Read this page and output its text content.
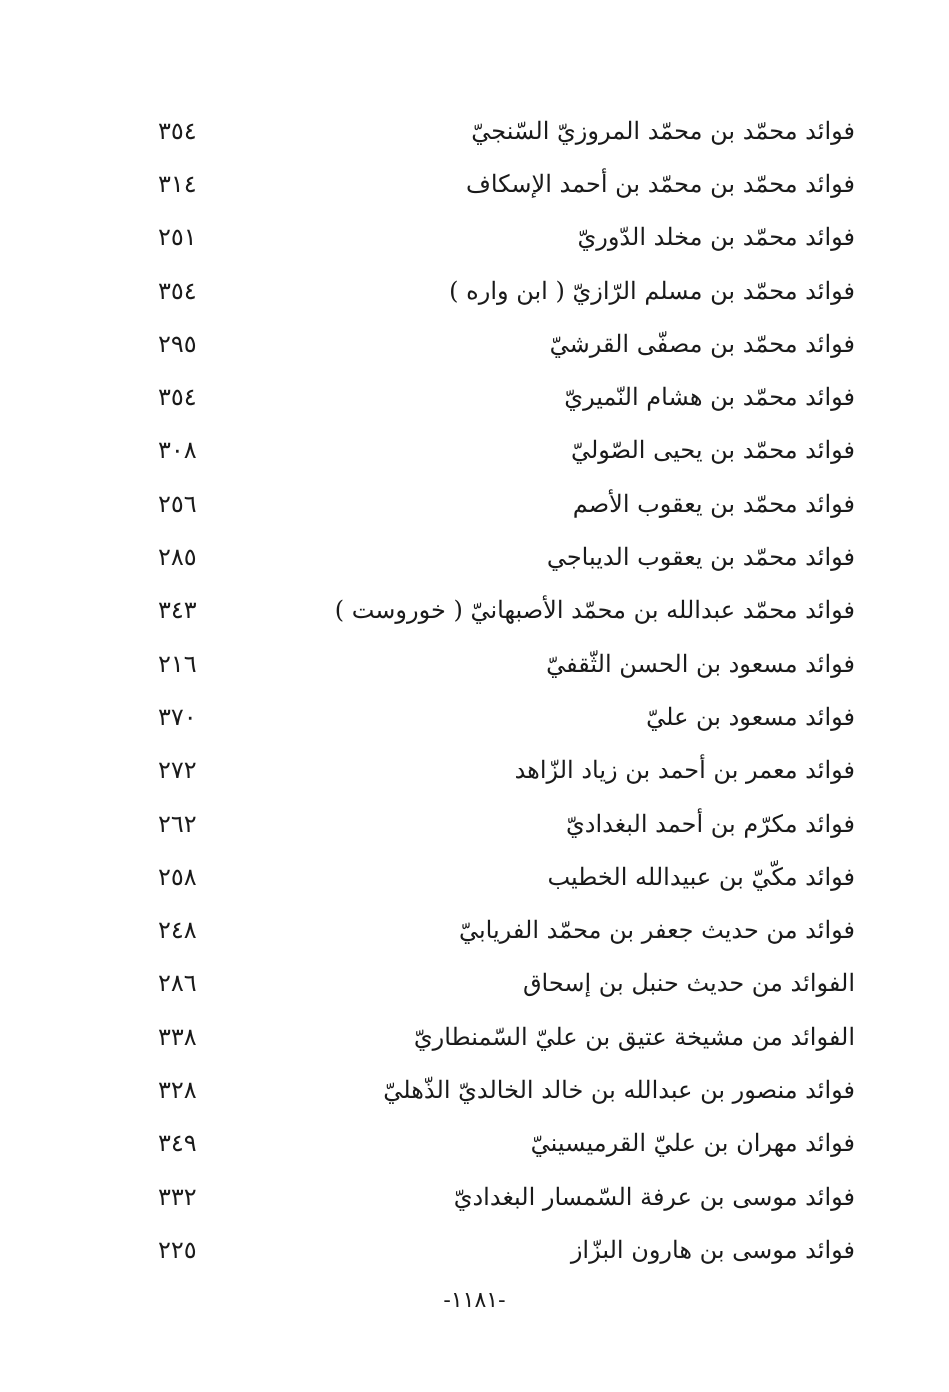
٣٥٤	فوائد محمّد بن محمّد المروزيّ السّنجيّ
٣١٤	فوائد محمّد بن محمّد بن أحمد الإسكاف
٢٥١	فوائد محمّد بن مخلد الدّوريّ
٣٥٤	فوائد محمّد بن مسلم الرّازيّ ( ابن واره )
٢٩٥	فوائد محمّد بن مصفّى القرشيّ
٣٥٤	فوائد محمّد بن هشام النّميريّ
٣٠٨	فوائد محمّد بن يحيى الصّوليّ
٢٥٦	فوائد محمّد بن يعقوب الأصم
٢٨٥	فوائد محمّد بن يعقوب الديباجي
٣٤٣	فوائد محمّد عبدالله بن محمّد الأصبهانيّ ( خوروست )
٢١٦	فوائد مسعود بن الحسن الثّقفيّ
٣٧٠	فوائد مسعود بن عليّ
٢٧٢	فوائد معمر بن أحمد بن زياد الزّاهد
٢٦٢	فوائد مكرّم بن أحمد البغداديّ
٢٥٨	فوائد مكّيّ بن عبيدالله الخطيب
٢٤٨	فوائد من حديث جعفر بن محمّد الفريابيّ
٢٨٦	الفوائد من حديث حنبل بن إسحاق
٣٣٨	الفوائد من مشيخة عتيق بن عليّ السّمنطاريّ
٣٢٨	فوائد منصور بن عبدالله بن خالد الخالديّ الذّهليّ
٣٤٩	فوائد مهران بن عليّ القرميسينيّ
٣٣٢	فوائد موسى بن عرفة السّمسار البغداديّ
٢٢٥	فوائد موسى بن هارون البزّاز
-١١٨١-
